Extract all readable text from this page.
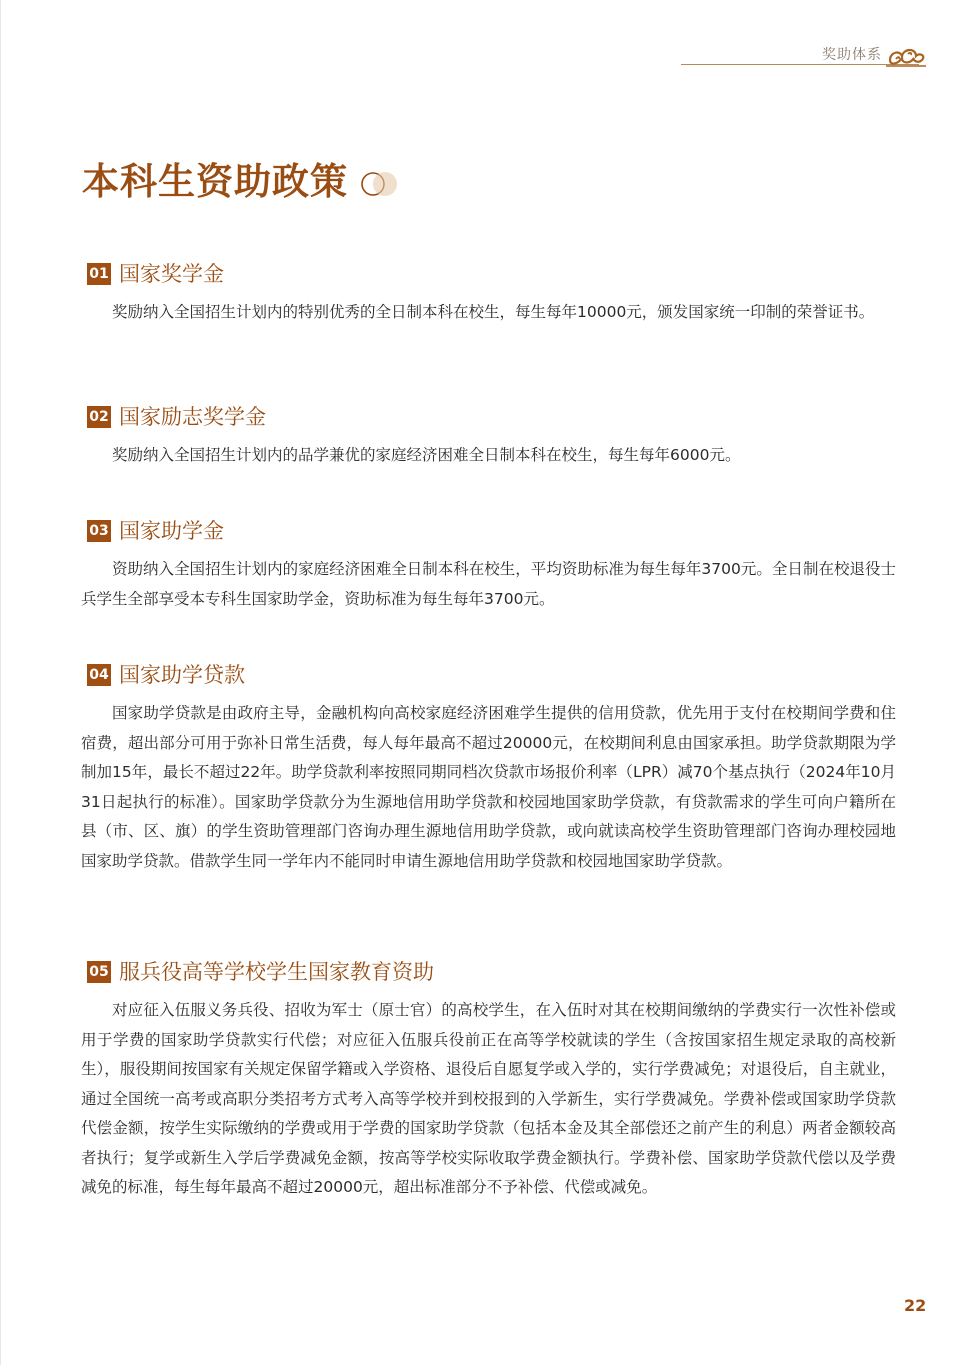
奖助体系
本科生资助政策
01 国家奖学金

奖励纳入全国招生计划内的特别优秀的全日制本科在校生，每生每年10000元，颁发国家统一印制的荣誉证书。

02 国家励志奖学金

奖励纳入全国招生计划内的品学兼优的家庭经济困难全日制本科在校生，每生每年6000元。

03 国家助学金

资助纳入全国招生计划内的家庭经济困难全日制本科在校生，平均资助标准为每生每年3700元。全日制在校退役士兵学生全部享受本专科生国家助学金，资助标准为每生每年3700元。

04 国家助学贷款

国家助学贷款是由政府主导，金融机构向高校家庭经济困难学生提供的信用贷款，优先用于支付在校期间学费和住宿费，超出部分可用于弥补日常生活费，每人每年最高不超过20000元，在校期间利息由国家承担。助学贷款期限为学制加15年，最长不超过22年。助学贷款利率按照同期同档次贷款市场报价利率（LPR）减70个基点执行（2024年10月31日起执行的标准）。国家助学贷款分为生源地信用助学贷款和校园地国家助学贷款，有贷款需求的学生可向户籍所在县（市、区、旗）的学生资助管理部门咨询办理生源地信用助学贷款，或向就读高校学生资助管理部门咨询办理校园地国家助学贷款。借款学生同一学年内不能同时申请生源地信用助学贷款和校园地国家助学贷款。

05 服兵役高等学校学生国家教育资助

对应征入伍服义务兵役、招收为军士（原士官）的高校学生，在入伍时对其在校期间缴纳的学费实行一次性补偿或用于学费的国家助学贷款实行代偿；对应征入伍服兵役前正在高等学校就读的学生（含按国家招生规定录取的高校新生），服役期间按国家有关规定保留学籍或入学资格、退役后自愿复学或入学的，实行学费减免；对退役后，自主就业，通过全国统一高考或高职分类招考方式考入高等学校并到校报到的入学新生，实行学费减免。学费补偿或国家助学贷款代偿金额，按学生实际缴纳的学费或用于学费的国家助学贷款（包括本金及其全部偿还之前产生的利息）两者金额较高者执行；复学或新生入学后学费减免金额，按高等学校实际收取学费金额执行。学费补偿、国家助学贷款代偿以及学费减免的标准，每生每年最高不超过20000元，超出标准部分不予补偿、代偿或减免。

22
